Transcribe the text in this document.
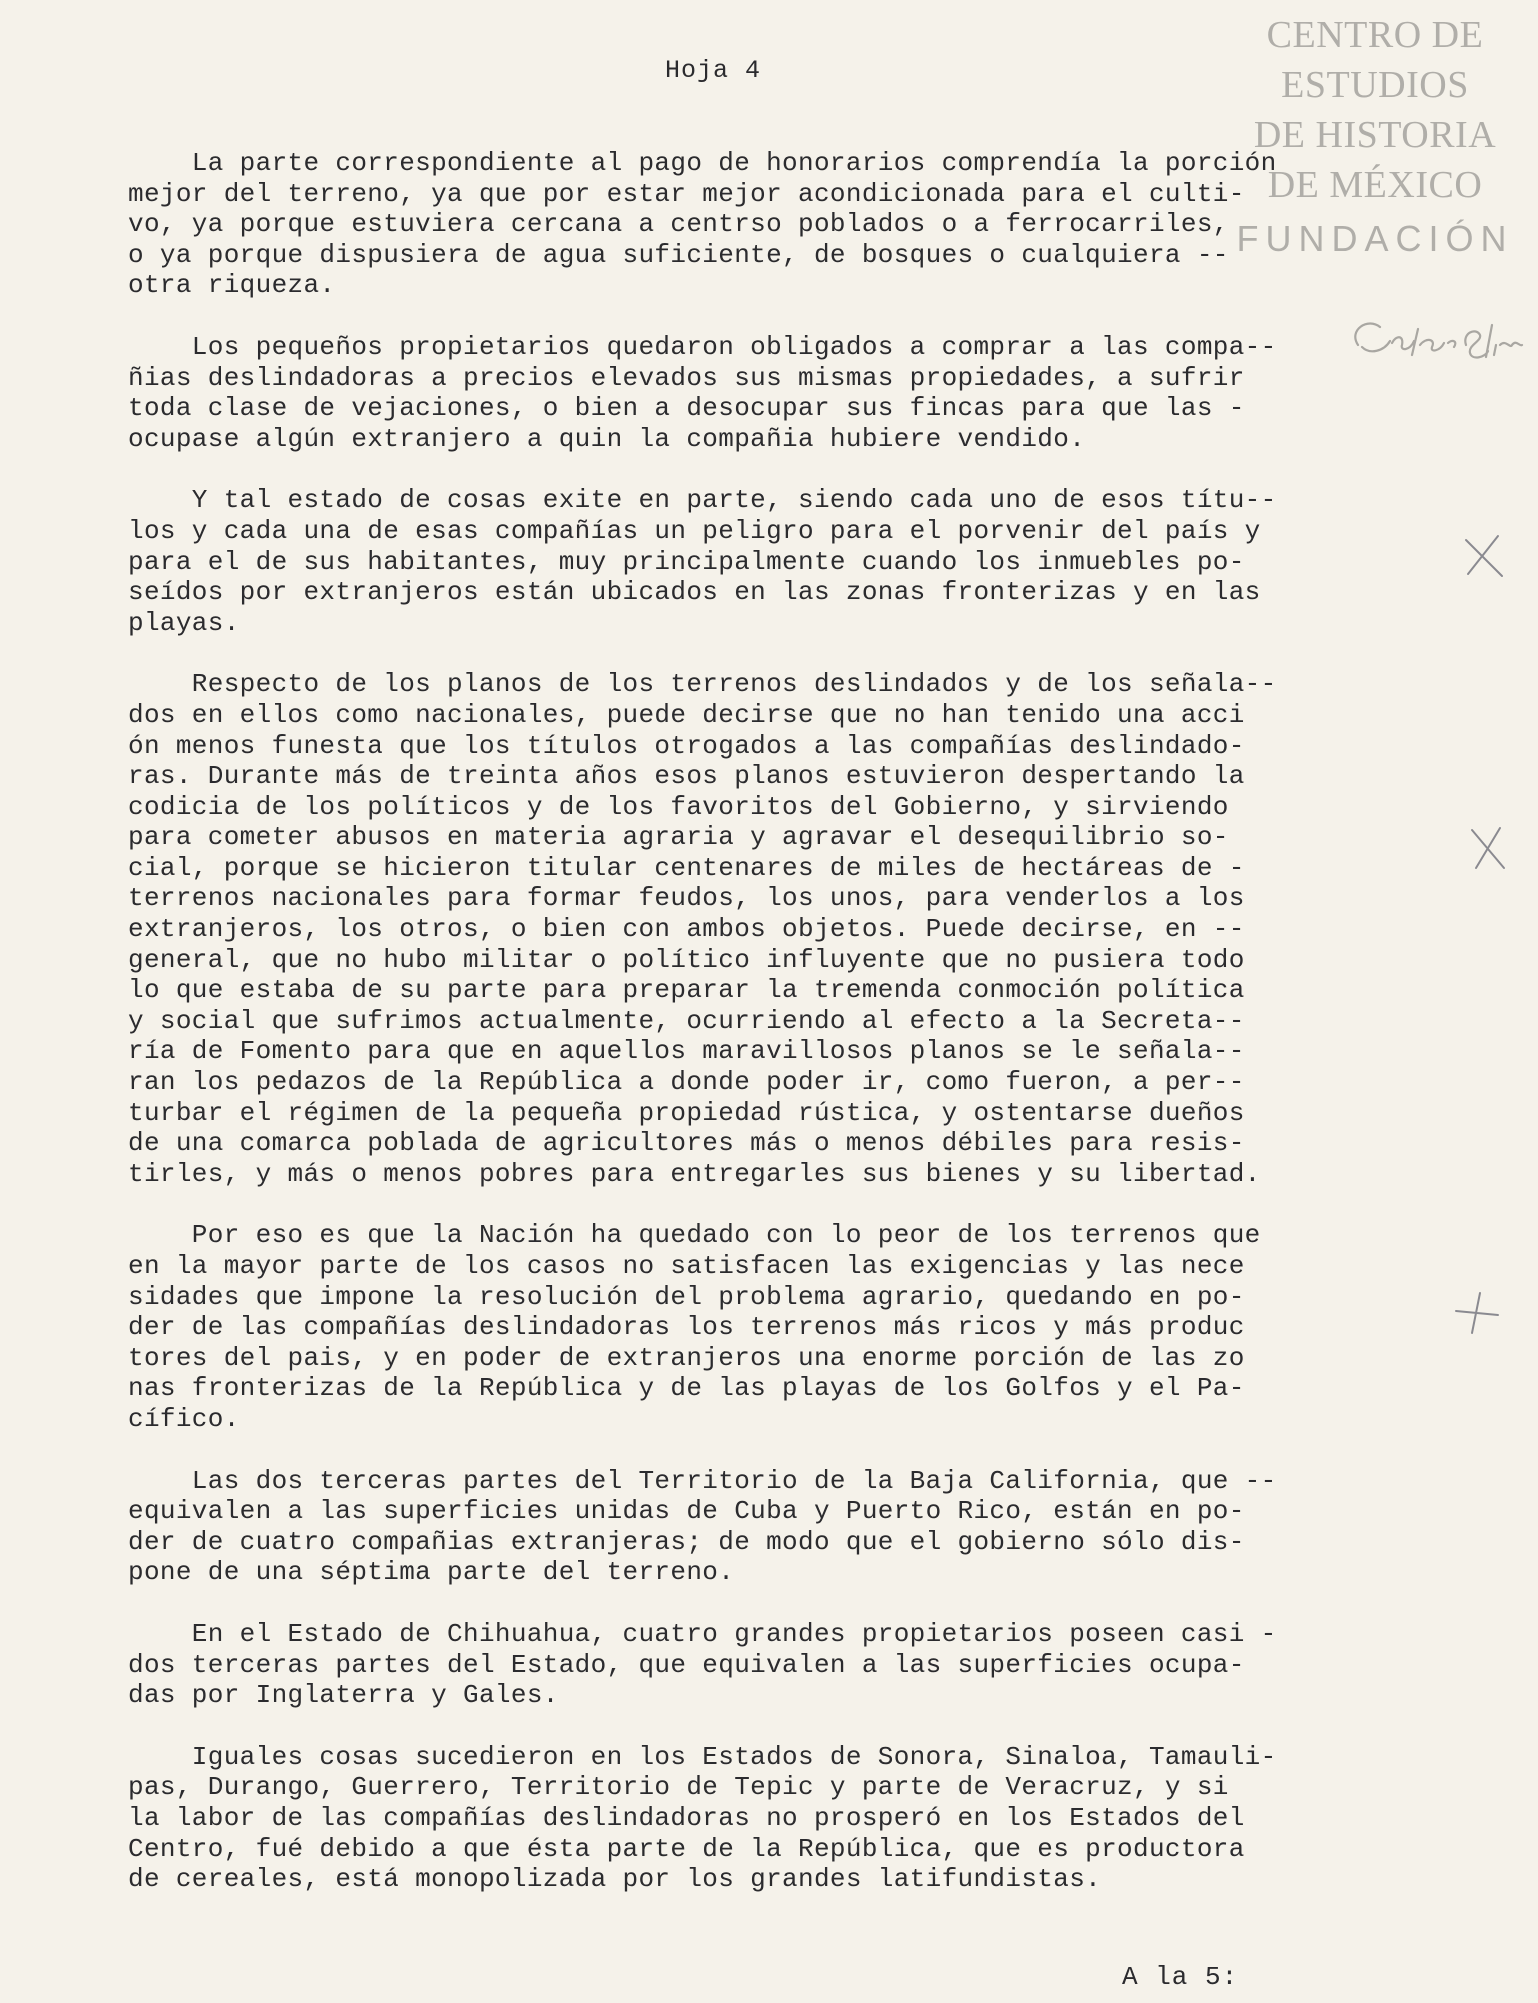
CENTRO DE
ESTUDIOS
DE HISTORIA
DE MÉXICO
FUNDACIÓN
Hoja 4
La parte correspondiente al pago de honorarios comprendía la porción
mejor del terreno, ya que por estar mejor acondicionada para el culti-
vo, ya porque estuviera cercana a centrso poblados o a ferrocarriles,
o ya porque dispusiera de agua suficiente, de bosques o cualquiera --
otra riqueza.
Los pequeños propietarios quedaron obligados a comprar a las compa--
ñias deslindadoras a precios elevados sus mismas propiedades, a sufrir
toda clase de vejaciones, o bien a desocupar sus fincas para que las -
ocupase algún extranjero a quin la compañia hubiere vendido.
Y tal estado de cosas exite en parte, siendo cada uno de esos títu--
los y cada una de esas compañías un peligro para el porvenir del país y
para el de sus habitantes, muy principalmente cuando los inmuebles po-
seídos por extranjeros están ubicados en las zonas fronterizas y en las
playas.
Respecto de los planos de los terrenos deslindados y de los señala--
dos en ellos como nacionales, puede decirse que no han tenido una acci
ón menos funesta que los títulos otrogados a las compañías deslindado-
ras. Durante más de treinta años esos planos estuvieron despertando la
codicia de los políticos y de los favoritos del Gobierno, y sirviendo
para cometer abusos en materia agraria y agravar el desequilibrio so-
cial, porque se hicieron titular centenares de miles de hectáreas de -
terrenos nacionales para formar feudos, los unos, para venderlos a los
extranjeros, los otros, o bien con ambos objetos. Puede decirse, en --
general, que no hubo militar o político influyente que no pusiera todo
lo que estaba de su parte para preparar la tremenda conmoción política
y social que sufrimos actualmente, ocurriendo al efecto a la Secreta--
ría de Fomento para que en aquellos maravillosos planos se le señala--
ran los pedazos de la República a donde poder ir, como fueron, a per--
turbar el régimen de la pequeña propiedad rústica, y ostentarse dueños
de una comarca poblada de agricultores más o menos débiles para resis-
tirles, y más o menos pobres para entregarles sus bienes y su libertad.
Por eso es que la Nación ha quedado con lo peor de los terrenos que
en la mayor parte de los casos no satisfacen las exigencias y las nece
sidades que impone la resolución del problema agrario, quedando en po-
der de las compañías deslindadoras los terrenos más ricos y más produc
tores del pais, y en poder de extranjeros una enorme porción de las zo
nas fronterizas de la República y de las playas de los Golfos y el Pa-
cífico.
Las dos terceras partes del Territorio de la Baja California, que --
equivalen a las superficies unidas de Cuba y Puerto Rico, están en po-
der de cuatro compañias extranjeras; de modo que el gobierno sólo dis-
pone de una séptima parte del terreno.
En el Estado de Chihuahua, cuatro grandes propietarios poseen casi -
dos terceras partes del Estado, que equivalen a las superficies ocupa-
das por Inglaterra y Gales.
Iguales cosas sucedieron en los Estados de Sonora, Sinaloa, Tamauli-
pas, Durango, Guerrero, Territorio de Tepic y parte de Veracruz, y si
la labor de las compañías deslindadoras no prosperó en los Estados del
Centro, fué debido a que ésta parte de la República, que es productora
de cereales, está monopolizada por los grandes latifundistas.
A la 5:
